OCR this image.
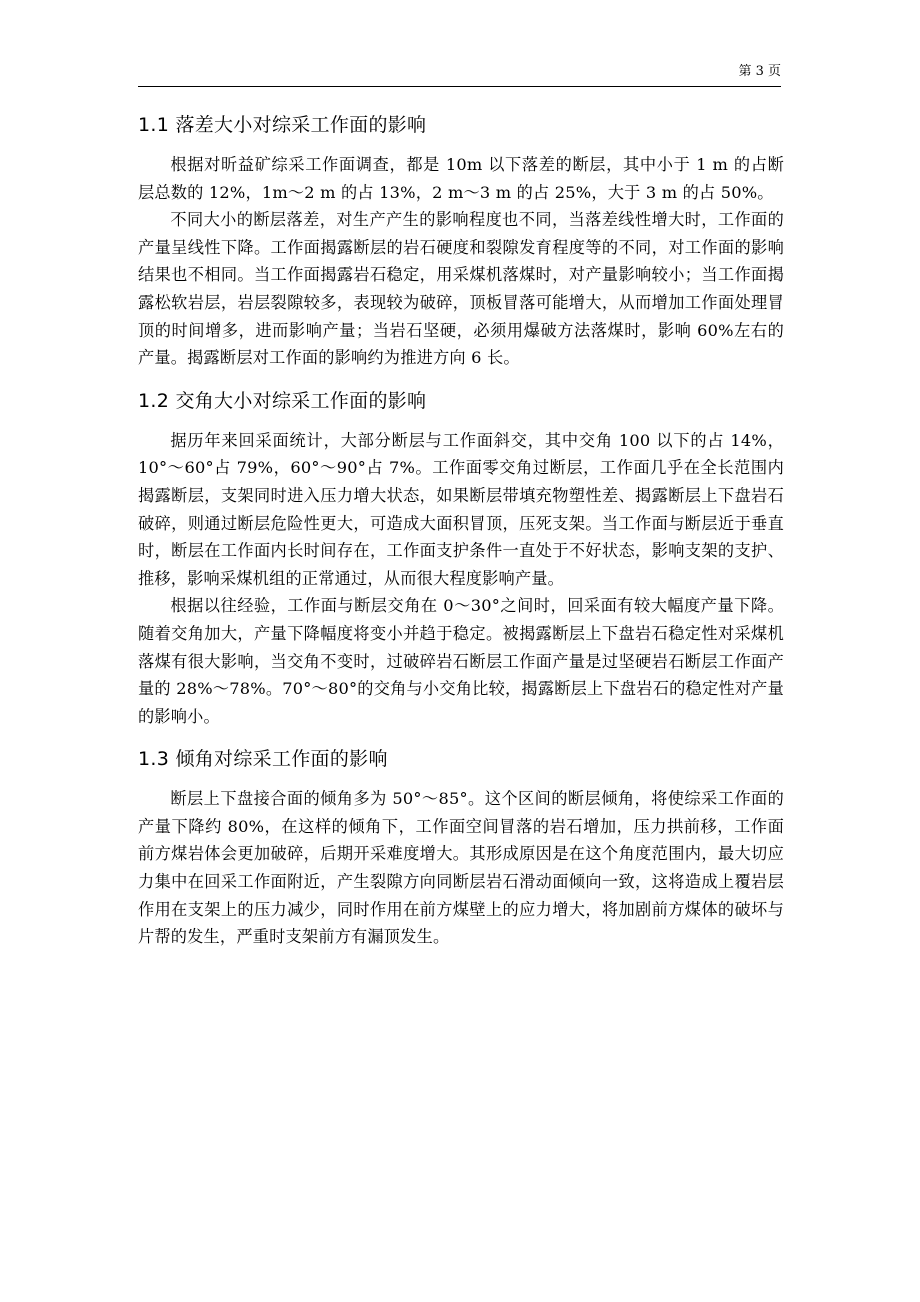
第 3 页
1.1 落差大小对综采工作面的影响

根据对昕益矿综采工作面调查，都是 10m 以下落差的断层，其中小于 1 m 的占断层总数的 12%，1m～2 m 的占 13%，2 m～3 m 的占 25%，大于 3 m 的占 50%。

不同大小的断层落差，对生产产生的影响程度也不同，当落差线性增大时，工作面的产量呈线性下降。工作面揭露断层的岩石硬度和裂隙发育程度等的不同，对工作面的影响结果也不相同。当工作面揭露岩石稳定，用采煤机落煤时，对产量影响较小；当工作面揭露松软岩层，岩层裂隙较多，表现较为破碎，顶板冒落可能增大，从而增加工作面处理冒顶的时间增多，进而影响产量；当岩石坚硬，必须用爆破方法落煤时，影响 60%左右的产量。揭露断层对工作面的影响约为推进方向 6 长。

1.2 交角大小对综采工作面的影响

据历年来回采面统计，大部分断层与工作面斜交，其中交角 100 以下的占 14%，10°～60°占 79%，60°～90°占 7%。工作面零交角过断层，工作面几乎在全长范围内揭露断层，支架同时进入压力增大状态，如果断层带填充物塑性差、揭露断层上下盘岩石破碎，则通过断层危险性更大，可造成大面积冒顶，压死支架。当工作面与断层近于垂直时，断层在工作面内长时间存在，工作面支护条件一直处于不好状态，影响支架的支护、推移，影响采煤机组的正常通过，从而很大程度影响产量。

根据以往经验，工作面与断层交角在 0～30°之间时，回采面有较大幅度产量下降。随着交角加大，产量下降幅度将变小并趋于稳定。被揭露断层上下盘岩石稳定性对采煤机落煤有很大影响，当交角不变时，过破碎岩石断层工作面产量是过坚硬岩石断层工作面产量的 28%～78%。70°～80°的交角与小交角比较，揭露断层上下盘岩石的稳定性对产量的影响小。

1.3 倾角对综采工作面的影响

断层上下盘接合面的倾角多为 50°～85°。这个区间的断层倾角，将使综采工作面的产量下降约 80%，在这样的倾角下，工作面空间冒落的岩石增加，压力拱前移，工作面前方煤岩体会更加破碎，后期开采难度增大。其形成原因是在这个角度范围内，最大切应力集中在回采工作面附近，产生裂隙方向同断层岩石滑动面倾向一致，这将造成上覆岩层作用在支架上的压力减少，同时作用在前方煤壁上的应力增大，将加剧前方煤体的破坏与片帮的发生，严重时支架前方有漏顶发生。
